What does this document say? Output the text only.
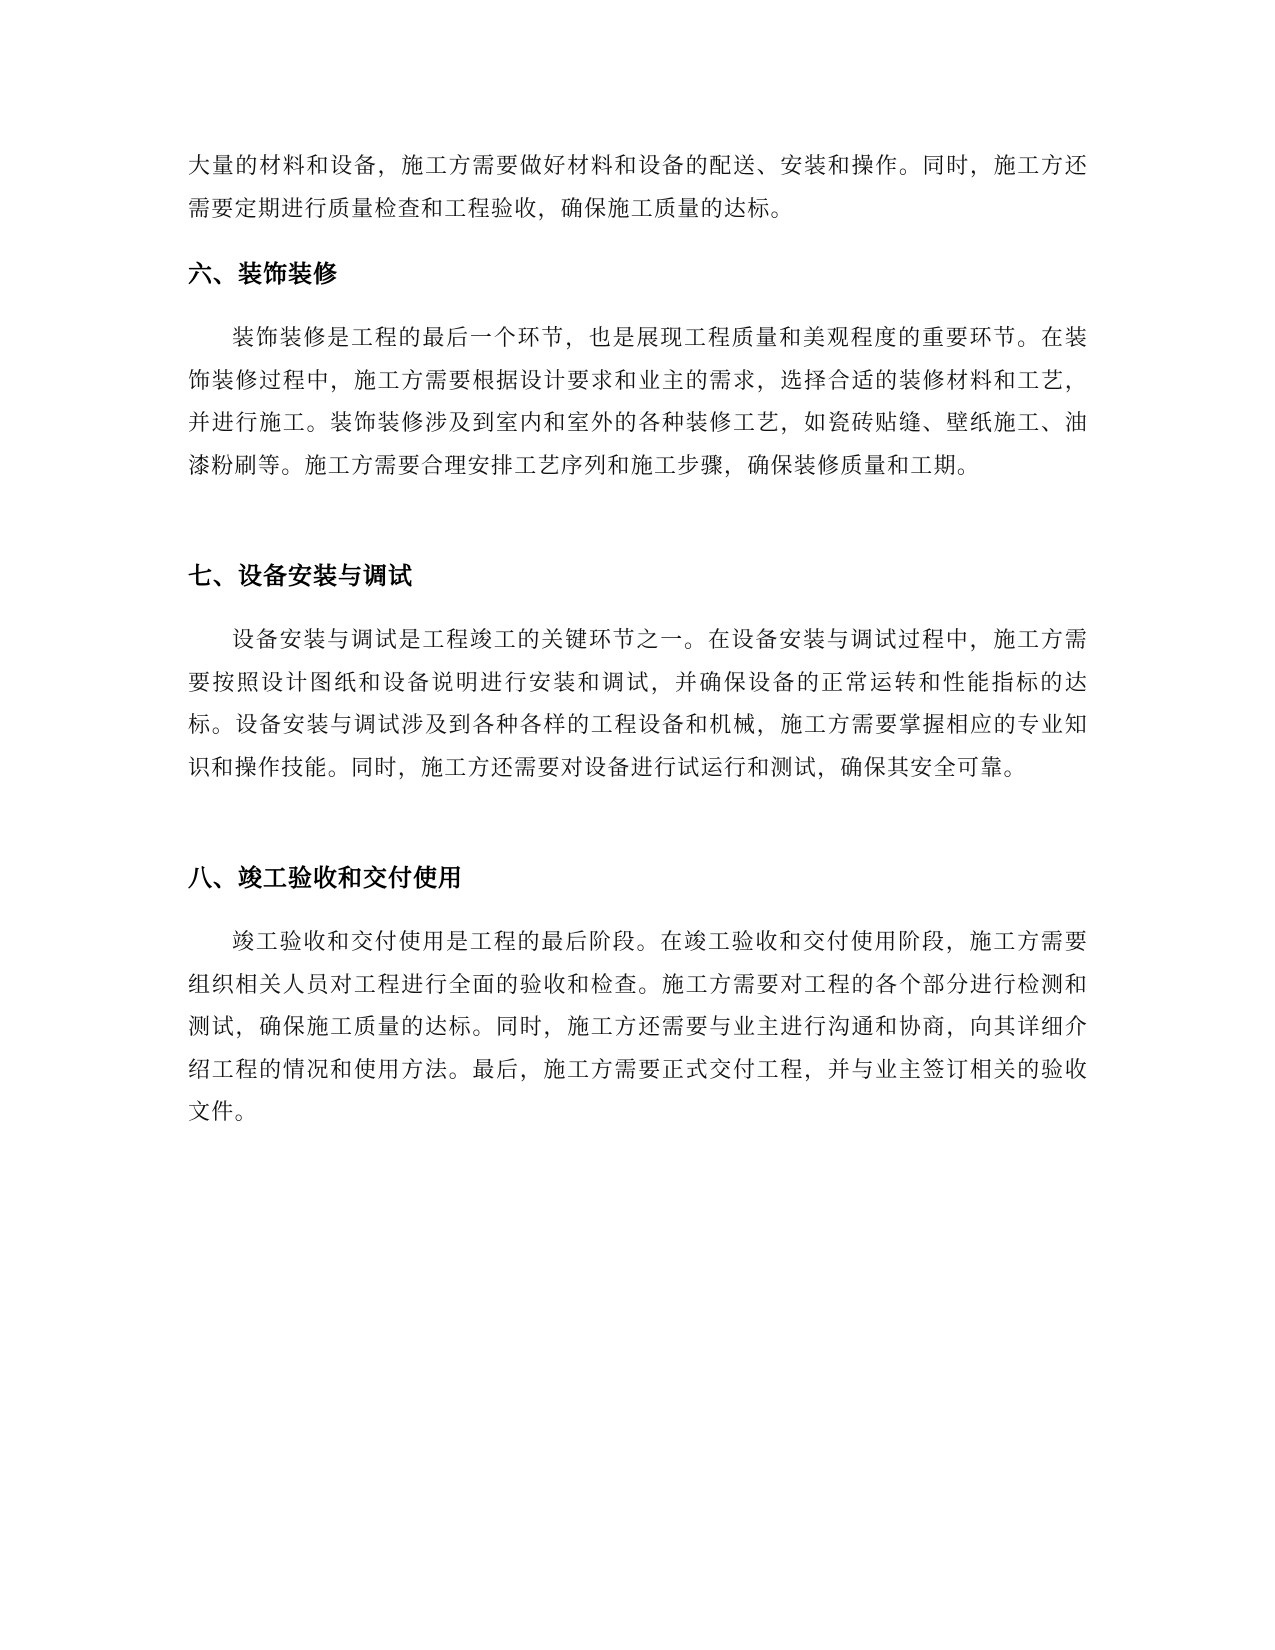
大量的材料和设备，施工方需要做好材料和设备的配送、安装和操作。同时，施工方还需要定期进行质量检查和工程验收，确保施工质量的达标。

六、装饰装修

装饰装修是工程的最后一个环节，也是展现工程质量和美观程度的重要环节。在装饰装修过程中，施工方需要根据设计要求和业主的需求，选择合适的装修材料和工艺，并进行施工。装饰装修涉及到室内和室外的各种装修工艺，如瓷砖贴缝、壁纸施工、油漆粉刷等。施工方需要合理安排工艺序列和施工步骤，确保装修质量和工期。

七、设备安装与调试

设备安装与调试是工程竣工的关键环节之一。在设备安装与调试过程中，施工方需要按照设计图纸和设备说明进行安装和调试，并确保设备的正常运转和性能指标的达标。设备安装与调试涉及到各种各样的工程设备和机械，施工方需要掌握相应的专业知识和操作技能。同时，施工方还需要对设备进行试运行和测试，确保其安全可靠。

八、竣工验收和交付使用

竣工验收和交付使用是工程的最后阶段。在竣工验收和交付使用阶段，施工方需要组织相关人员对工程进行全面的验收和检查。施工方需要对工程的各个部分进行检测和测试，确保施工质量的达标。同时，施工方还需要与业主进行沟通和协商，向其详细介绍工程的情况和使用方法。最后，施工方需要正式交付工程，并与业主签订相关的验收文件。
